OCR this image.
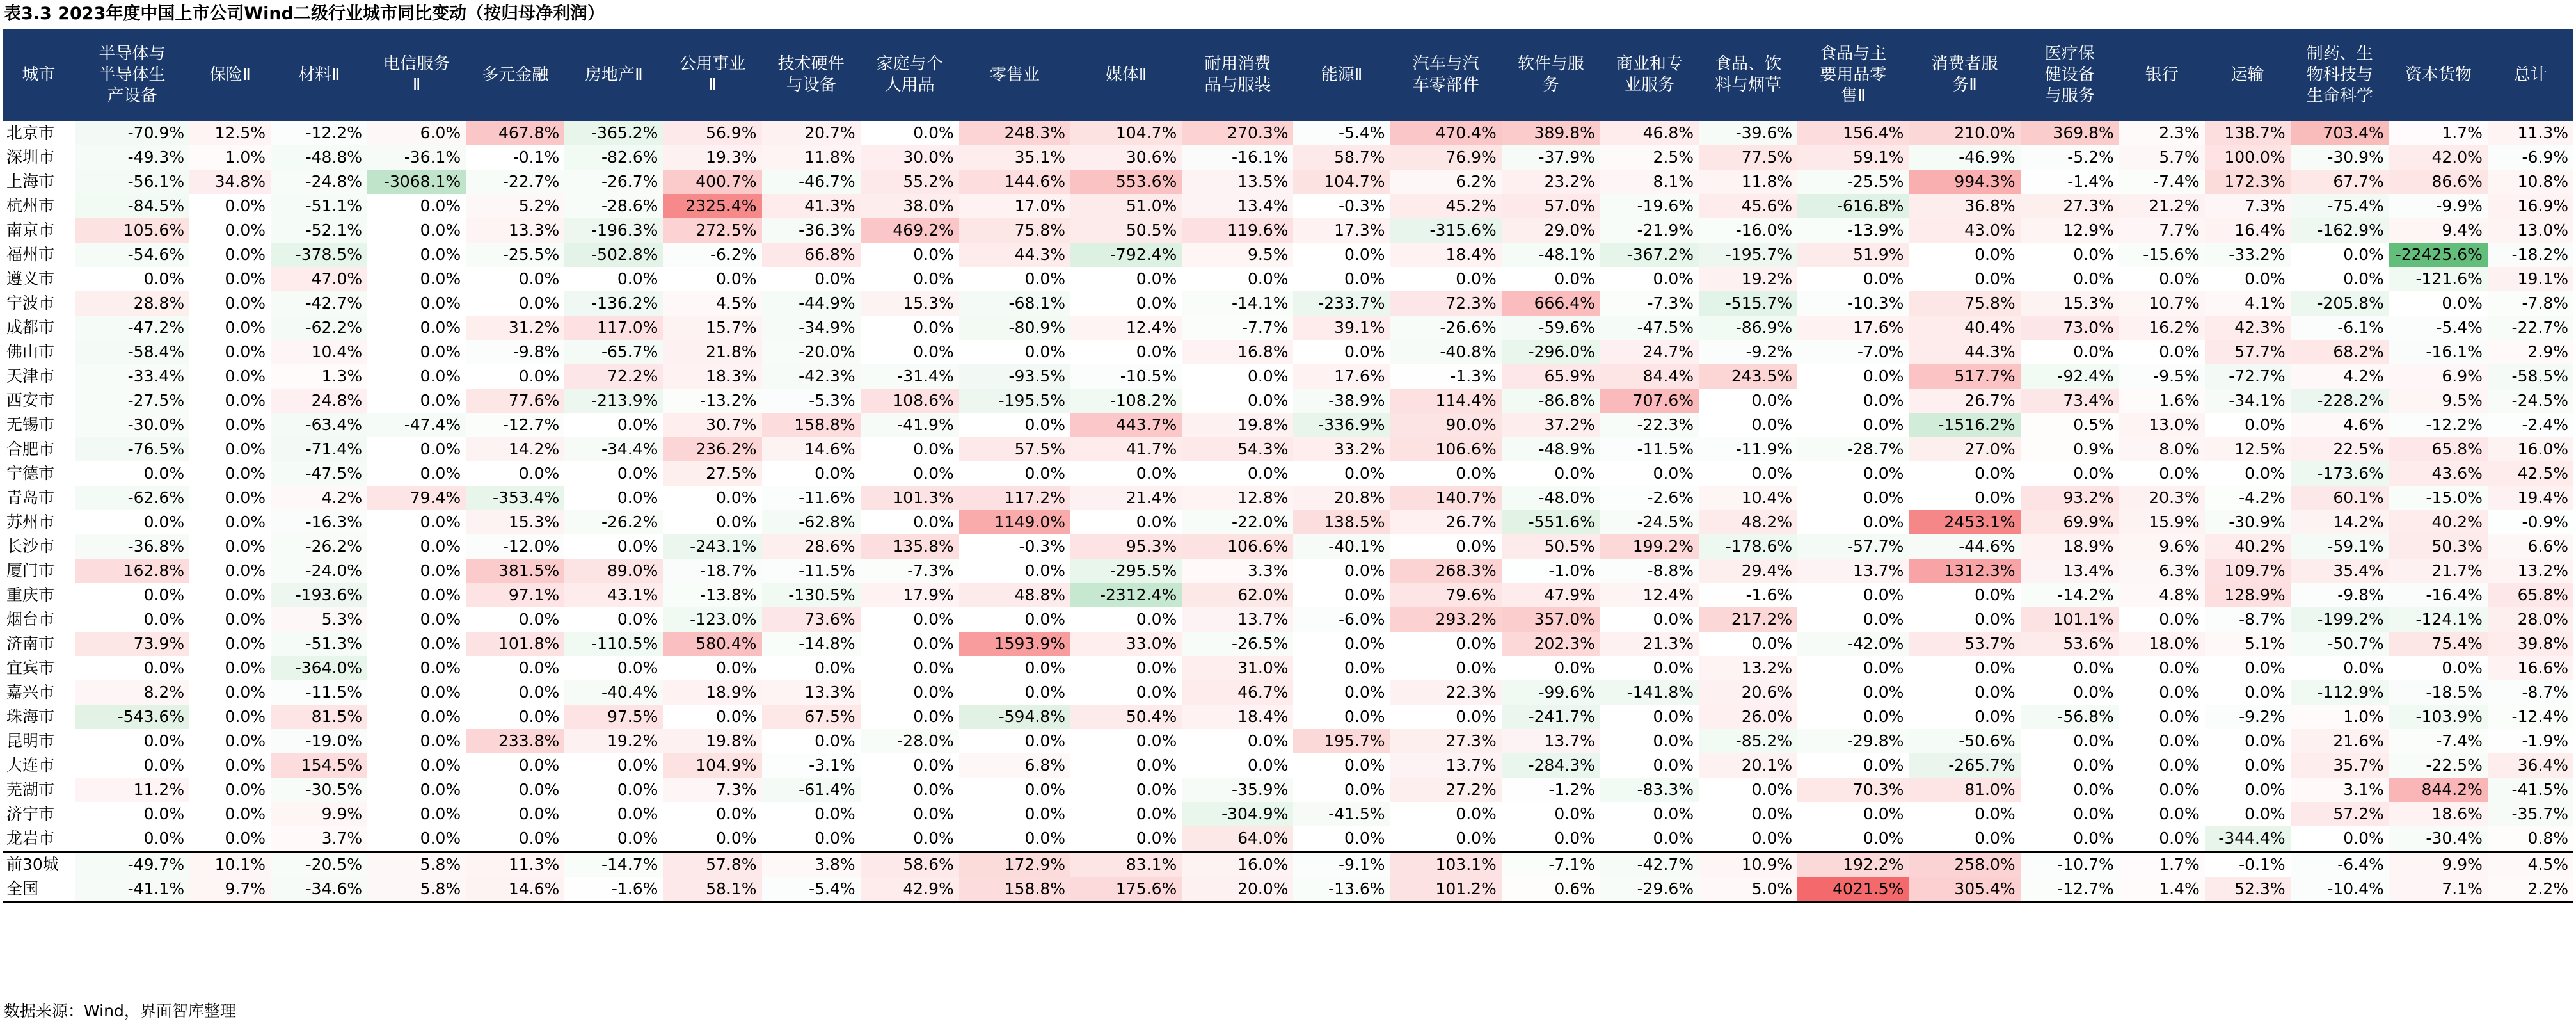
表3.3 2023年度中国上市公司Wind二级行业城市同比变动（按归母净利润）
城市	半导体与
半导体生
产设备	保险Ⅱ	材料Ⅱ	电信服务
Ⅱ	多元金融	房地产Ⅱ	公用事业
Ⅱ	技术硬件
与设备	家庭与个
人用品	零售业	媒体Ⅱ	耐用消费
品与服装	能源Ⅱ	汽车与汽
车零部件	软件与服
务	商业和专
业服务	食品、饮
料与烟草	食品与主
要用品零
售Ⅱ	消费者服
务Ⅱ	医疗保
健设备
与服务	银行	运输	制药、生
物科技与
生命科学	资本货物	总计
北京市	-70.9%	12.5%	-12.2%	6.0%	467.8%	-365.2%	56.9%	20.7%	0.0%	248.3%	104.7%	270.3%	-5.4%	470.4%	389.8%	46.8%	-39.6%	156.4%	210.0%	369.8%	2.3%	138.7%	703.4%	1.7%	11.3%
深圳市	-49.3%	1.0%	-48.8%	-36.1%	-0.1%	-82.6%	19.3%	11.8%	30.0%	35.1%	30.6%	-16.1%	58.7%	76.9%	-37.9%	2.5%	77.5%	59.1%	-46.9%	-5.2%	5.7%	100.0%	-30.9%	42.0%	-6.9%
上海市	-56.1%	34.8%	-24.8%	-3068.1%	-22.7%	-26.7%	400.7%	-46.7%	55.2%	144.6%	553.6%	13.5%	104.7%	6.2%	23.2%	8.1%	11.8%	-25.5%	994.3%	-1.4%	-7.4%	172.3%	67.7%	86.6%	10.8%
杭州市	-84.5%	0.0%	-51.1%	0.0%	5.2%	-28.6%	2325.4%	41.3%	38.0%	17.0%	51.0%	13.4%	-0.3%	45.2%	57.0%	-19.6%	45.6%	-616.8%	36.8%	27.3%	21.2%	7.3%	-75.4%	-9.9%	16.9%
南京市	105.6%	0.0%	-52.1%	0.0%	13.3%	-196.3%	272.5%	-36.3%	469.2%	75.8%	50.5%	119.6%	17.3%	-315.6%	29.0%	-21.9%	-16.0%	-13.9%	43.0%	12.9%	7.7%	16.4%	-162.9%	9.4%	13.0%
福州市	-54.6%	0.0%	-378.5%	0.0%	-25.5%	-502.8%	-6.2%	66.8%	0.0%	44.3%	-792.4%	9.5%	0.0%	18.4%	-48.1%	-367.2%	-195.7%	51.9%	0.0%	0.0%	-15.6%	-33.2%	0.0%	-22425.6%	-18.2%
遵义市	0.0%	0.0%	47.0%	0.0%	0.0%	0.0%	0.0%	0.0%	0.0%	0.0%	0.0%	0.0%	0.0%	0.0%	0.0%	0.0%	19.2%	0.0%	0.0%	0.0%	0.0%	0.0%	0.0%	-121.6%	19.1%
宁波市	28.8%	0.0%	-42.7%	0.0%	0.0%	-136.2%	4.5%	-44.9%	15.3%	-68.1%	0.0%	-14.1%	-233.7%	72.3%	666.4%	-7.3%	-515.7%	-10.3%	75.8%	15.3%	10.7%	4.1%	-205.8%	0.0%	-7.8%
成都市	-47.2%	0.0%	-62.2%	0.0%	31.2%	117.0%	15.7%	-34.9%	0.0%	-80.9%	12.4%	-7.7%	39.1%	-26.6%	-59.6%	-47.5%	-86.9%	17.6%	40.4%	73.0%	16.2%	42.3%	-6.1%	-5.4%	-22.7%
佛山市	-58.4%	0.0%	10.4%	0.0%	-9.8%	-65.7%	21.8%	-20.0%	0.0%	0.0%	0.0%	16.8%	0.0%	-40.8%	-296.0%	24.7%	-9.2%	-7.0%	44.3%	0.0%	0.0%	57.7%	68.2%	-16.1%	2.9%
天津市	-33.4%	0.0%	1.3%	0.0%	0.0%	72.2%	18.3%	-42.3%	-31.4%	-93.5%	-10.5%	0.0%	17.6%	-1.3%	65.9%	84.4%	243.5%	0.0%	517.7%	-92.4%	-9.5%	-72.7%	4.2%	6.9%	-58.5%
西安市	-27.5%	0.0%	24.8%	0.0%	77.6%	-213.9%	-13.2%	-5.3%	108.6%	-195.5%	-108.2%	0.0%	-38.9%	114.4%	-86.8%	707.6%	0.0%	0.0%	26.7%	73.4%	1.6%	-34.1%	-228.2%	9.5%	-24.5%
无锡市	-30.0%	0.0%	-63.4%	-47.4%	-12.7%	0.0%	30.7%	158.8%	-41.9%	0.0%	443.7%	19.8%	-336.9%	90.0%	37.2%	-22.3%	0.0%	0.0%	-1516.2%	0.5%	13.0%	0.0%	4.6%	-12.2%	-2.4%
合肥市	-76.5%	0.0%	-71.4%	0.0%	14.2%	-34.4%	236.2%	14.6%	0.0%	57.5%	41.7%	54.3%	33.2%	106.6%	-48.9%	-11.5%	-11.9%	-28.7%	27.0%	0.9%	8.0%	12.5%	22.5%	65.8%	16.0%
宁德市	0.0%	0.0%	-47.5%	0.0%	0.0%	0.0%	27.5%	0.0%	0.0%	0.0%	0.0%	0.0%	0.0%	0.0%	0.0%	0.0%	0.0%	0.0%	0.0%	0.0%	0.0%	0.0%	-173.6%	43.6%	42.5%
青岛市	-62.6%	0.0%	4.2%	79.4%	-353.4%	0.0%	0.0%	-11.6%	101.3%	117.2%	21.4%	12.8%	20.8%	140.7%	-48.0%	-2.6%	10.4%	0.0%	0.0%	93.2%	20.3%	-4.2%	60.1%	-15.0%	19.4%
苏州市	0.0%	0.0%	-16.3%	0.0%	15.3%	-26.2%	0.0%	-62.8%	0.0%	1149.0%	0.0%	-22.0%	138.5%	26.7%	-551.6%	-24.5%	48.2%	0.0%	2453.1%	69.9%	15.9%	-30.9%	14.2%	40.2%	-0.9%
长沙市	-36.8%	0.0%	-26.2%	0.0%	-12.0%	0.0%	-243.1%	28.6%	135.8%	-0.3%	95.3%	106.6%	-40.1%	0.0%	50.5%	199.2%	-178.6%	-57.7%	-44.6%	18.9%	9.6%	40.2%	-59.1%	50.3%	6.6%
厦门市	162.8%	0.0%	-24.0%	0.0%	381.5%	89.0%	-18.7%	-11.5%	-7.3%	0.0%	-295.5%	3.3%	0.0%	268.3%	-1.0%	-8.8%	29.4%	13.7%	1312.3%	13.4%	6.3%	109.7%	35.4%	21.7%	13.2%
重庆市	0.0%	0.0%	-193.6%	0.0%	97.1%	43.1%	-13.8%	-130.5%	17.9%	48.8%	-2312.4%	62.0%	0.0%	79.6%	47.9%	12.4%	-1.6%	0.0%	0.0%	-14.2%	4.8%	128.9%	-9.8%	-16.4%	65.8%
烟台市	0.0%	0.0%	5.3%	0.0%	0.0%	0.0%	-123.0%	73.6%	0.0%	0.0%	0.0%	13.7%	-6.0%	293.2%	357.0%	0.0%	217.2%	0.0%	0.0%	101.1%	0.0%	-8.7%	-199.2%	-124.1%	28.0%
济南市	73.9%	0.0%	-51.3%	0.0%	101.8%	-110.5%	580.4%	-14.8%	0.0%	1593.9%	33.0%	-26.5%	0.0%	0.0%	202.3%	21.3%	0.0%	-42.0%	53.7%	53.6%	18.0%	5.1%	-50.7%	75.4%	39.8%
宜宾市	0.0%	0.0%	-364.0%	0.0%	0.0%	0.0%	0.0%	0.0%	0.0%	0.0%	0.0%	31.0%	0.0%	0.0%	0.0%	0.0%	13.2%	0.0%	0.0%	0.0%	0.0%	0.0%	0.0%	0.0%	16.6%
嘉兴市	8.2%	0.0%	-11.5%	0.0%	0.0%	-40.4%	18.9%	13.3%	0.0%	0.0%	0.0%	46.7%	0.0%	22.3%	-99.6%	-141.8%	20.6%	0.0%	0.0%	0.0%	0.0%	0.0%	-112.9%	-18.5%	-8.7%
珠海市	-543.6%	0.0%	81.5%	0.0%	0.0%	97.5%	0.0%	67.5%	0.0%	-594.8%	50.4%	18.4%	0.0%	0.0%	-241.7%	0.0%	26.0%	0.0%	0.0%	-56.8%	0.0%	-9.2%	1.0%	-103.9%	-12.4%
昆明市	0.0%	0.0%	-19.0%	0.0%	233.8%	19.2%	19.8%	0.0%	-28.0%	0.0%	0.0%	0.0%	195.7%	27.3%	13.7%	0.0%	-85.2%	-29.8%	-50.6%	0.0%	0.0%	0.0%	21.6%	-7.4%	-1.9%
大连市	0.0%	0.0%	154.5%	0.0%	0.0%	0.0%	104.9%	-3.1%	0.0%	6.8%	0.0%	0.0%	0.0%	13.7%	-284.3%	0.0%	20.1%	0.0%	-265.7%	0.0%	0.0%	0.0%	35.7%	-22.5%	36.4%
芜湖市	11.2%	0.0%	-30.5%	0.0%	0.0%	0.0%	7.3%	-61.4%	0.0%	0.0%	0.0%	-35.9%	0.0%	27.2%	-1.2%	-83.3%	0.0%	70.3%	81.0%	0.0%	0.0%	0.0%	3.1%	844.2%	-41.5%
济宁市	0.0%	0.0%	9.9%	0.0%	0.0%	0.0%	0.0%	0.0%	0.0%	0.0%	0.0%	-304.9%	-41.5%	0.0%	0.0%	0.0%	0.0%	0.0%	0.0%	0.0%	0.0%	0.0%	57.2%	18.6%	-35.7%
龙岩市	0.0%	0.0%	3.7%	0.0%	0.0%	0.0%	0.0%	0.0%	0.0%	0.0%	0.0%	64.0%	0.0%	0.0%	0.0%	0.0%	0.0%	0.0%	0.0%	0.0%	0.0%	-344.4%	0.0%	-30.4%	0.8%
前30城	-49.7%	10.1%	-20.5%	5.8%	11.3%	-14.7%	57.8%	3.8%	58.6%	172.9%	83.1%	16.0%	-9.1%	103.1%	-7.1%	-42.7%	10.9%	192.2%	258.0%	-10.7%	1.7%	-0.1%	-6.4%	9.9%	4.5%
全国	-41.1%	9.7%	-34.6%	5.8%	14.6%	-1.6%	58.1%	-5.4%	42.9%	158.8%	175.6%	20.0%	-13.6%	101.2%	0.6%	-29.6%	5.0%	4021.5%	305.4%	-12.7%	1.4%	52.3%	-10.4%	7.1%	2.2%
数据来源：Wind，界面智库整理
